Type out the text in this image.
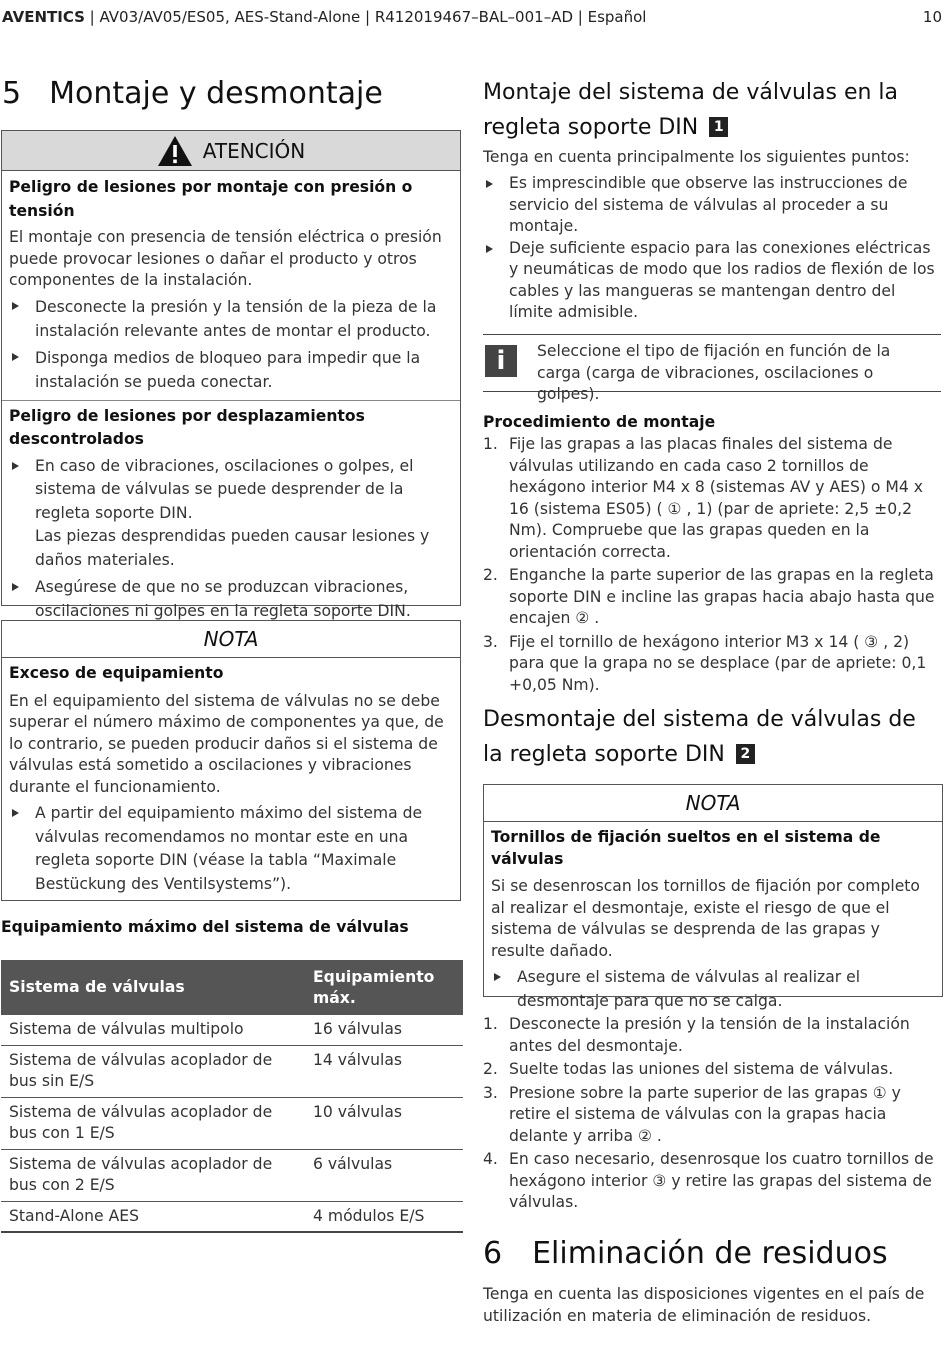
AVENTICS | AV03/AV05/ES05, AES-Stand-Alone | R412019467–BAL–001–AD | Español	10
5 Montaje y desmontaje
ATENCIÓN

Peligro de lesiones por montaje con presión o tensión

El montaje con presencia de tensión eléctrica o presión puede provocar lesiones o dañar el producto y otros componentes de la instalación.

Desconecte la presión y la tensión de la pieza de la instalación relevante antes de montar el producto.
Disponga medios de bloqueo para impedir que la instalación se pueda conectar.

Peligro de lesiones por desplazamientos descontrolados

En caso de vibraciones, oscilaciones o golpes, el sistema de válvulas se puede desprender de la regleta soporte DIN.
Las piezas desprendidas pueden causar lesiones y daños materiales.
Asegúrese de que no se produzcan vibraciones, oscilaciones ni golpes en la regleta soporte DIN.
NOTA

Exceso de equipamiento

En el equipamiento del sistema de válvulas no se debe superar el número máximo de componentes ya que, de lo contrario, se pueden producir daños si el sistema de válvulas está sometido a oscilaciones y vibraciones durante el funcionamiento.

A partir del equipamiento máximo del sistema de válvulas recomendamos no montar este en una regleta soporte DIN (véase la tabla “Maximale Bestückung des Ventilsystems”).

Equipamiento máximo del sistema de válvulas

Sistema de válvulas	Equipamiento máx.
Sistema de válvulas multipolo	16 válvulas
Sistema de válvulas acoplador de bus sin E/S	14 válvulas
Sistema de válvulas acoplador de bus con 1 E/S	10 válvulas
Sistema de válvulas acoplador de bus con 2 E/S	6 válvulas
Stand-Alone AES	4 módulos E/S
Montaje del sistema de válvulas en la regleta soporte DIN 1

Tenga en cuenta principalmente los siguientes puntos:

Es imprescindible que observe las instrucciones de servicio del sistema de válvulas al proceder a su montaje.
Deje suficiente espacio para las conexiones eléctricas y neumáticas de modo que los radios de flexión de los cables y las mangueras se mantengan dentro del límite admisible.
i	Seleccione el tipo de fijación en función de la carga (carga de vibraciones, oscilaciones o golpes).

Procedimiento de montaje

1. Fije las grapas a las placas finales del sistema de válvulas utilizando en cada caso 2 tornillos de hexágono interior M4 x 8 (sistemas AV y AES) o M4 x 16 (sistema ES05) ( ① , 1) (par de apriete: 2,5 ±0,2 Nm). Compruebe que las grapas queden en la orientación correcta.
2. Enganche la parte superior de las grapas en la regleta soporte DIN e incline las grapas hacia abajo hasta que encajen ② .
3. Fije el tornillo de hexágono interior M3 x 14 ( ③ , 2) para que la grapa no se desplace (par de apriete: 0,1 +0,05 Nm).
Desmontaje del sistema de válvulas de la regleta soporte DIN 2
NOTA

Tornillos de fijación sueltos en el sistema de válvulas

Si se desenroscan los tornillos de fijación por completo al realizar el desmontaje, existe el riesgo de que el sistema de válvulas se desprenda de las grapas y resulte dañado.

Asegure el sistema de válvulas al realizar el desmontaje para que no se caiga.
1. Desconecte la presión y la tensión de la instalación antes del desmontaje.
2. Suelte todas las uniones del sistema de válvulas.
3. Presione sobre la parte superior de las grapas ① y retire el sistema de válvulas con la grapas hacia delante y arriba ② .
4. En caso necesario, desenrosque los cuatro tornillos de hexágono interior ③ y retire las grapas del sistema de válvulas.
6 Eliminación de residuos

Tenga en cuenta las disposiciones vigentes en el país de utilización en materia de eliminación de residuos.
